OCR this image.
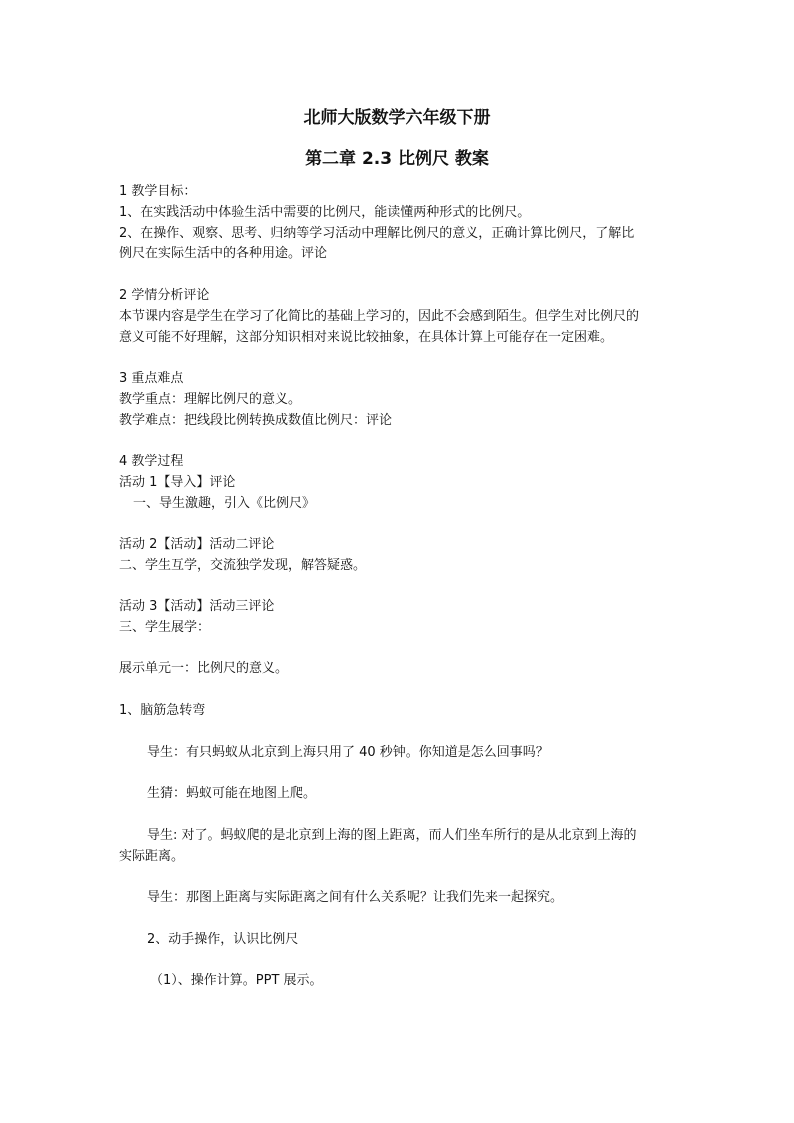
北师大版数学六年级下册
第二章 2.3 比例尺 教案

1 教学目标：

1、在实践活动中体验生活中需要的比例尺，能读懂两种形式的比例尺。

2、在操作、观察、思考、归纳等学习活动中理解比例尺的意义，正确计算比例尺，了解比

例尺在实际生活中的各种用途。评论

2 学情分析评论

本节课内容是学生在学习了化简比的基础上学习的，因此不会感到陌生。但学生对比例尺的

意义可能不好理解，这部分知识相对来说比较抽象，在具体计算上可能存在一定困难。

3 重点难点

教学重点：理解比例尺的意义。

教学难点：把线段比例转换成数值比例尺：评论

4 教学过程

活动 1【导入】评论

一、导生激趣，引入《比例尺》

活动 2【活动】活动二评论

二、学生互学，交流独学发现，解答疑惑。

活动 3【活动】活动三评论

三、学生展学：

展示单元一：比例尺的意义。

1、脑筋急转弯

导生：有只蚂蚁从北京到上海只用了 40 秒钟。你知道是怎么回事吗？

生猜：蚂蚁可能在地图上爬。

导生: 对了。蚂蚁爬的是北京到上海的图上距离，而人们坐车所行的是从北京到上海的

实际距离。

导生：那图上距离与实际距离之间有什么关系呢？让我们先来一起探究。

2、动手操作，认识比例尺

（1）、操作计算。PPT 展示。
